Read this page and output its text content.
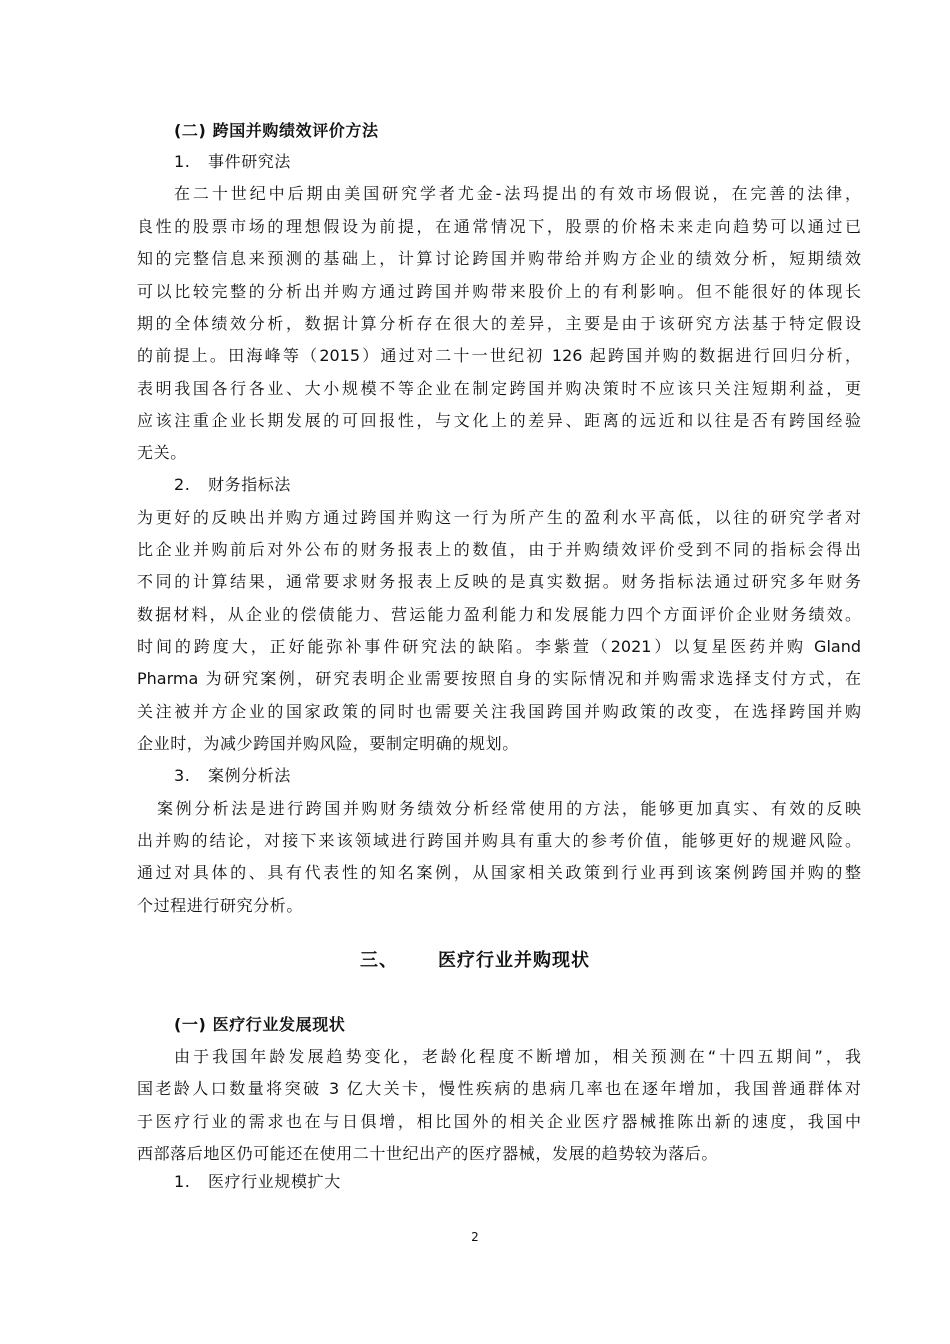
(二) 跨国并购绩效评价方法
1. 事件研究法
在二十世纪中后期由美国研究学者尤金-法玛提出的有效市场假说，在完善的法律，
良性的股票市场的理想假设为前提，在通常情况下，股票的价格未来走向趋势可以通过已
知的完整信息来预测的基础上，计算讨论跨国并购带给并购方企业的绩效分析，短期绩效
可以比较完整的分析出并购方通过跨国并购带来股价上的有利影响。但不能很好的体现长
期的全体绩效分析，数据计算分析存在很大的差异，主要是由于该研究方法基于特定假设
的前提上。田海峰等（2015）通过对二十一世纪初 126 起跨国并购的数据进行回归分析，
表明我国各行各业、大小规模不等企业在制定跨国并购决策时不应该只关注短期利益，更
应该注重企业长期发展的可回报性，与文化上的差异、距离的远近和以往是否有跨国经验
无关。
2. 财务指标法
为更好的反映出并购方通过跨国并购这一行为所产生的盈利水平高低，以往的研究学者对
比企业并购前后对外公布的财务报表上的数值，由于并购绩效评价受到不同的指标会得出
不同的计算结果，通常要求财务报表上反映的是真实数据。财务指标法通过研究多年财务
数据材料，从企业的偿债能力、营运能力盈利能力和发展能力四个方面评价企业财务绩效。
时间的跨度大，正好能弥补事件研究法的缺陷。李紫萱（2021）以复星医药并购 Gland
Pharma 为研究案例，研究表明企业需要按照自身的实际情况和并购需求选择支付方式，在
关注被并方企业的国家政策的同时也需要关注我国跨国并购政策的改变，在选择跨国并购
企业时，为减少跨国并购风险，要制定明确的规划。
3. 案例分析法
案例分析法是进行跨国并购财务绩效分析经常使用的方法，能够更加真实、有效的反映
出并购的结论，对接下来该领域进行跨国并购具有重大的参考价值，能够更好的规避风险。
通过对具体的、具有代表性的知名案例，从国家相关政策到行业再到该案例跨国并购的整
个过程进行研究分析。
三、 医疗行业并购现状
(一) 医疗行业发展现状
由于我国年龄发展趋势变化，老龄化程度不断增加，相关预测在“十四五期间”，我
国老龄人口数量将突破 3 亿大关卡，慢性疾病的患病几率也在逐年增加，我国普通群体对
于医疗行业的需求也在与日俱增，相比国外的相关企业医疗器械推陈出新的速度，我国中
西部落后地区仍可能还在使用二十世纪出产的医疗器械，发展的趋势较为落后。
1. 医疗行业规模扩大
2
